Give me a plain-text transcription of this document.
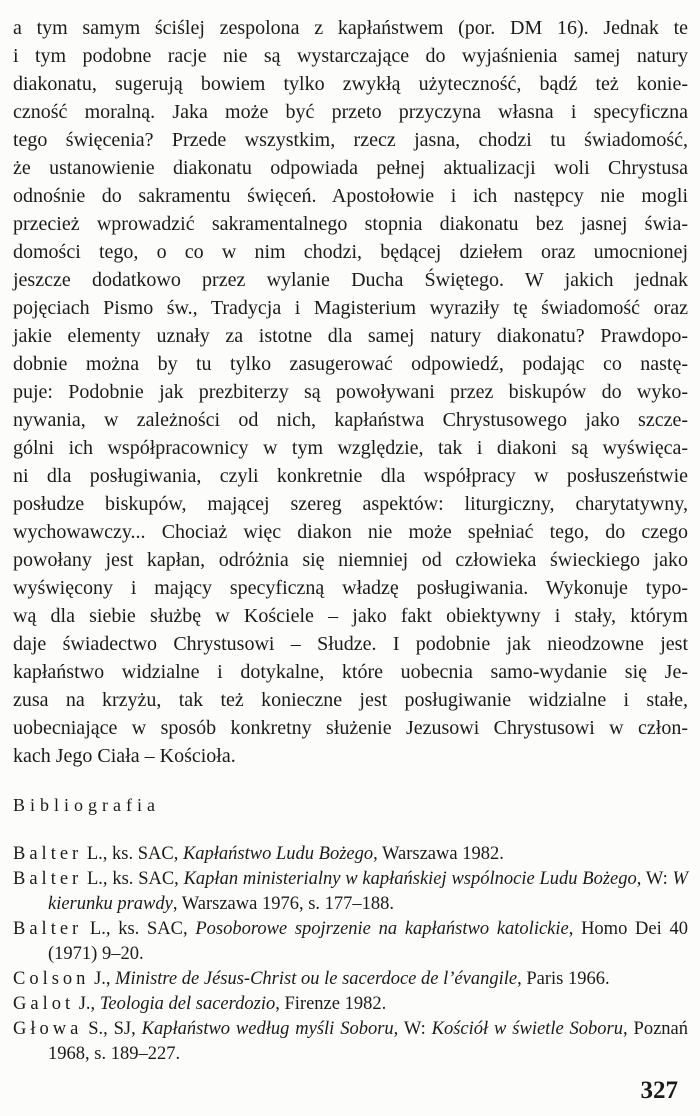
a tym samym ściślej zespolona z kapłaństwem (por. DM 16). Jednak te
i tym podobne racje nie są wystarczające do wyjaśnienia samej natury
diakonatu, sugerują bowiem tylko zwykłą użyteczność, bądź też konie-
czność moralną. Jaka może być przeto przyczyna własna i specyficzna
tego święcenia? Przede wszystkim, rzecz jasna, chodzi tu świadomość,
że ustanowienie diakonatu odpowiada pełnej aktualizacji woli Chrystusa
odnośnie do sakramentu święceń. Apostołowie i ich następcy nie mogli
przecież wprowadzić sakramentalnego stopnia diakonatu bez jasnej świa-
domości tego, o co w nim chodzi, będącej dziełem oraz umocnionej
jeszcze dodatkowo przez wylanie Ducha Świętego. W jakich jednak
pojęciach Pismo św., Tradycja i Magisterium wyraziły tę świadomość oraz
jakie elementy uznały za istotne dla samej natury diakonatu? Prawdopo-
dobnie można by tu tylko zasugerować odpowiedź, podając co nastę-
puje: Podobnie jak prezbiterzy są powoływani przez biskupów do wyko-
nywania, w zależności od nich, kapłaństwa Chrystusowego jako szcze-
gólni ich współpracownicy w tym względzie, tak i diakoni są wyświęca-
ni dla posługiwania, czyli konkretnie dla współpracy w posłuszeństwie
posłudze biskupów, mającej szereg aspektów: liturgiczny, charytatywny,
wychowawczy... Chociaż więc diakon nie może spełniać tego, do czego
powołany jest kapłan, odróżnia się niemniej od człowieka świeckiego jako
wyświęcony i mający specyficzną władzę posługiwania. Wykonuje typo-
wą dla siebie służbę w Kościele – jako fakt obiektywny i stały, którym
daje świadectwo Chrystusowi – Słudze. I podobnie jak nieodzowne jest
kapłaństwo widzialne i dotykalne, które uobecnia samo-wydanie się Je-
zusa na krzyżu, tak też konieczne jest posługiwanie widzialne i stałe,
uobecniające w sposób konkretny służenie Jezusowi Chrystusowi w człon-
kach Jego Ciała – Kościoła.
Bibliografia
Balter L., ks. SAC, Kapłaństwo Ludu Bożego, Warszawa 1982.
Balter L., ks. SAC, Kapłan ministerialny w kapłańskiej wspólnocie Ludu Bożego, W: W kierunku prawdy, Warszawa 1976, s. 177–188.
Balter L., ks. SAC, Posoborowe spojrzenie na kapłaństwo katolickie, Homo Dei 40 (1971) 9–20.
Colson J., Ministre de Jésus-Christ ou le sacerdoce de l’évangile, Paris 1966.
Galot J., Teologia del sacerdozio, Firenze 1982.
Głowa S., SJ, Kapłaństwo według myśli Soboru, W: Kościół w świetle Soboru, Poznań 1968, s. 189–227.
327
